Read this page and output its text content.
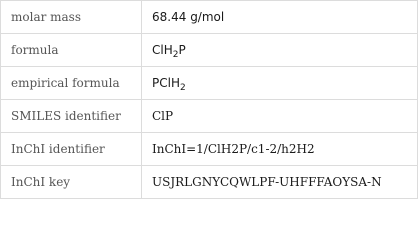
molar mass	68.44 g/mol
formula	ClH$_2$P
empirical formula	PClH$_2$
SMILES identifier	ClP
InChI identifier	InChI=1/ClH2P/c1-2/h2H2
InChI key	USJRLGNYCQWLPF-UHFFFAOYSA-N
